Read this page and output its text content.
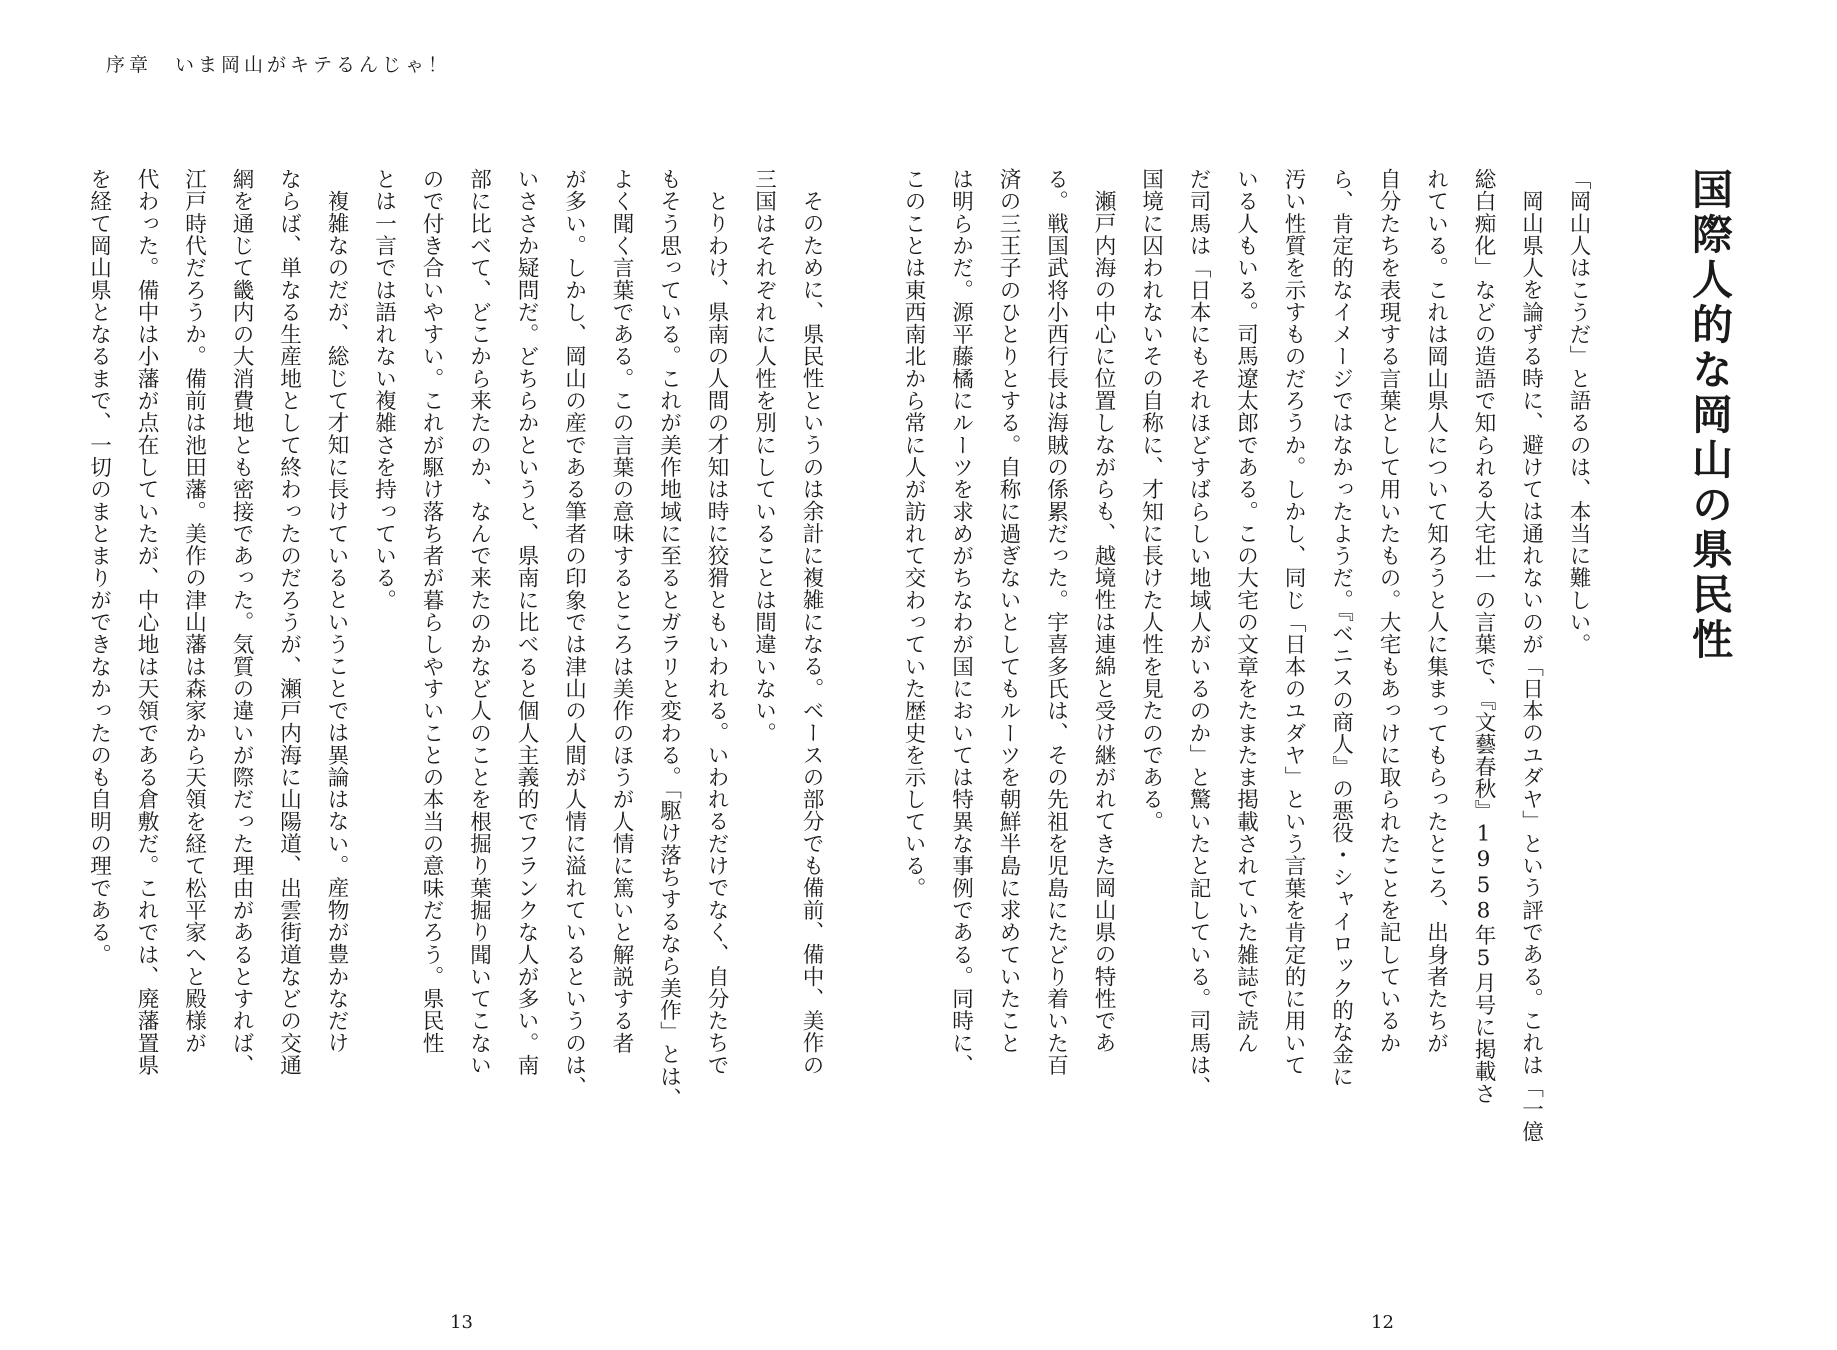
序章　いま岡山がキテるんじゃ！
国際人的な岡山の県民性
「岡山人はこうだ」と語るのは、本当に難しい。
岡山県人を論ずる時に、避けては通れないのが「日本のユダヤ」という評である。これは「一億
総白痴化」などの造語で知られる大宅壮一の言葉で、『文藝春秋』1958年5月号に掲載さ
れている。これは岡山県人について知ろうと人に集まってもらったところ、出身者たちが
自分たちを表現する言葉として用いたもの。大宅もあっけに取られたことを記しているか
ら、肯定的なイメージではなかったようだ。『ベニスの商人』の悪役・シャイロック的な金に
汚い性質を示すものだろうか。しかし、同じ「日本のユダヤ」という言葉を肯定的に用いて
いる人もいる。司馬遼太郎である。この大宅の文章をたまたま掲載されていた雑誌で読ん
だ司馬は「日本にもそれほどすばらしい地域人がいるのか」と驚いたと記している。司馬は、
国境に囚われないその自称に、才知に長けた人性を見たのである。
瀬戸内海の中心に位置しながらも、越境性は連綿と受け継がれてきた岡山県の特性であ
る。戦国武将小西行長は海賊の係累だった。宇喜多氏は、その先祖を児島にたどり着いた百
済の三王子のひとりとする。自称に過ぎないとしてもルーツを朝鮮半島に求めていたこと
は明らかだ。源平藤橘にルーツを求めがちなわが国においては特異な事例である。同時に、
このことは東西南北から常に人が訪れて交わっていた歴史を示している。
12
そのために、県民性というのは余計に複雑になる。ベースの部分でも備前、備中、美作の
三国はそれぞれに人性を別にしていることは間違いない。
とりわけ、県南の人間の才知は時に狡猾ともいわれる。いわれるだけでなく、自分たちで
もそう思っている。これが美作地域に至るとガラリと変わる。「駆け落ちするなら美作」とは、
よく聞く言葉である。この言葉の意味するところは美作のほうが人情に篤いと解説する者
が多い。しかし、岡山の産である筆者の印象では津山の人間が人情に溢れているというのは、
いささか疑問だ。どちらかというと、県南に比べると個人主義的でフランクな人が多い。南
部に比べて、どこから来たのか、なんで来たのかなど人のことを根掘り葉掘り聞いてこない
ので付き合いやすい。これが駆け落ち者が暮らしやすいことの本当の意味だろう。県民性
とは一言では語れない複雑さを持っている。
複雑なのだが、総じて才知に長けているということでは異論はない。産物が豊かなだけ
ならば、単なる生産地として終わったのだろうが、瀬戸内海に山陽道、出雲街道などの交通
網を通じて畿内の大消費地とも密接であった。気質の違いが際だった理由があるとすれば、
江戸時代だろうか。備前は池田藩。美作の津山藩は森家から天領を経て松平家へと殿様が
代わった。備中は小藩が点在していたが、中心地は天領である倉敷だ。これでは、廃藩置県
を経て岡山県となるまで、一切のまとまりができなかったのも自明の理である。
13
